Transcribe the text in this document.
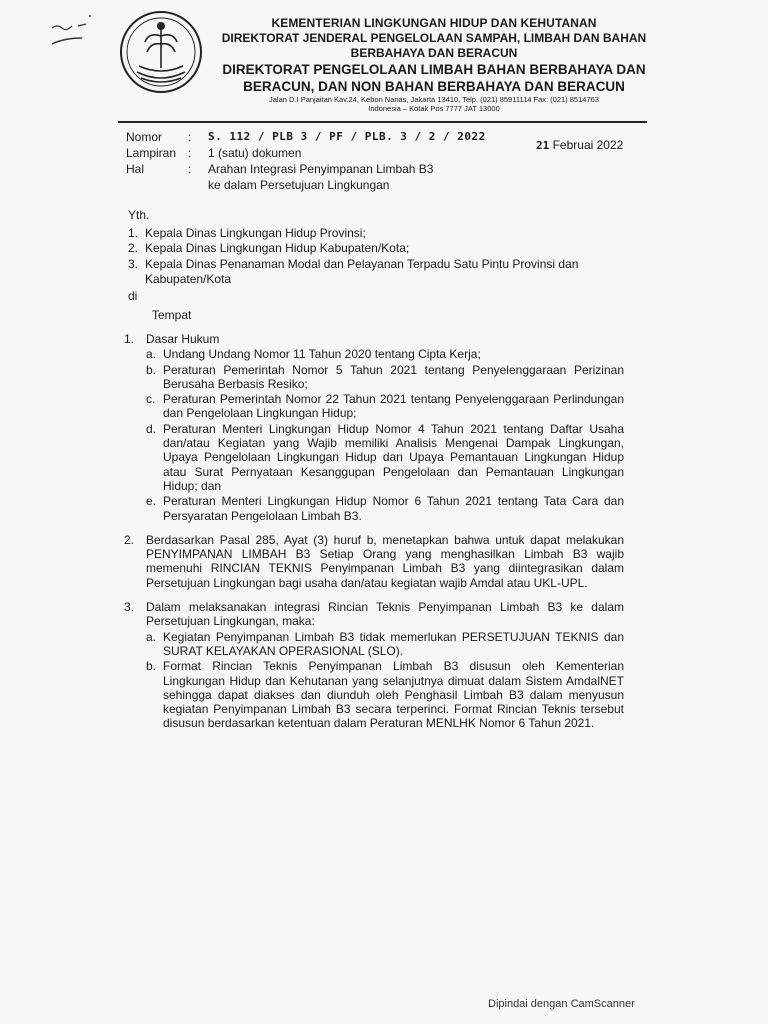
KEMENTERIAN LINGKUNGAN HIDUP DAN KEHUTANAN
DIREKTORAT JENDERAL PENGELOLAAN SAMPAH, LIMBAH DAN BAHAN
BERBAHAYA DAN BERACUN
DIREKTORAT PENGELOLAAN LIMBAH BAHAN BERBAHAYA DAN
BERACUN, DAN NON BAHAN BERBAHAYA DAN BERACUN
Jalan D.I Panjaitan Kav.24, Kebon Nanas, Jakarta 13410, Telp. (021) 85911114 Fax: (021) 8514763
Indonesia – Kotak Pos 7777 JAT 13000
Nomor	:	S. 112 / PLB 3 / PF / PLB. 3 / 2 / 2022
Lampiran :	1 (satu) dokumen
Hal	:	Arahan Integrasi Penyimpanan Limbah B3
ke dalam Persetujuan Lingkungan
21 Februai 2022
Yth.
1. Kepala Dinas Lingkungan Hidup Provinsi;
2. Kepala Dinas Lingkungan Hidup Kabupaten/Kota;
3. Kepala Dinas Penanaman Modal dan Pelayanan Terpadu Satu Pintu Provinsi dan Kabupaten/Kota
di
Tempat
1. Dasar Hukum
a. Undang Undang Nomor 11 Tahun 2020 tentang Cipta Kerja;
b. Peraturan Pemerintah Nomor 5 Tahun 2021 tentang Penyelenggaraan Perizinan Berusaha Berbasis Resiko;
c. Peraturan Pemerintah Nomor 22 Tahun 2021 tentang Penyelenggaraan Perlindungan dan Pengelolaan Lingkungan Hidup;
d. Peraturan Menteri Lingkungan Hidup Nomor 4 Tahun 2021 tentang Daftar Usaha dan/atau Kegiatan yang Wajib memiliki Analisis Mengenai Dampak Lingkungan, Upaya Pengelolaan Lingkungan Hidup dan Upaya Pemantauan Lingkungan Hidup atau Surat Pernyataan Kesanggupan Pengelolaan dan Pemantauan Lingkungan Hidup; dan
e. Peraturan Menteri Lingkungan Hidup Nomor 6 Tahun 2021 tentang Tata Cara dan Persyaratan Pengelolaan Limbah B3.
2. Berdasarkan Pasal 285, Ayat (3) huruf b, menetapkan bahwa untuk dapat melakukan PENYIMPANAN LIMBAH B3 Setiap Orang yang menghasilkan Limbah B3 wajib memenuhi RINCIAN TEKNIS Penyimpanan Limbah B3 yang diintegrasikan dalam Persetujuan Lingkungan bagi usaha dan/atau kegiatan wajib Amdal atau UKL-UPL.
3. Dalam melaksanakan integrasi Rincian Teknis Penyimpanan Limbah B3 ke dalam Persetujuan Lingkungan, maka:
a. Kegiatan Penyimpanan Limbah B3 tidak memerlukan PERSETUJUAN TEKNIS dan SURAT KELAYAKAN OPERASIONAL (SLO).
b. Format Rincian Teknis Penyimpanan Limbah B3 disusun oleh Kementerian Lingkungan Hidup dan Kehutanan yang selanjutnya dimuat dalam Sistem AmdalNET sehingga dapat diakses dan diunduh oleh Penghasil Limbah B3 dalam menyusun kegiatan Penyimpanan Limbah B3 secara terperinci. Format Rincian Teknis tersebut disusun berdasarkan ketentuan dalam Peraturan MENLHK Nomor 6 Tahun 2021.
Dipindai dengan CamScanner
